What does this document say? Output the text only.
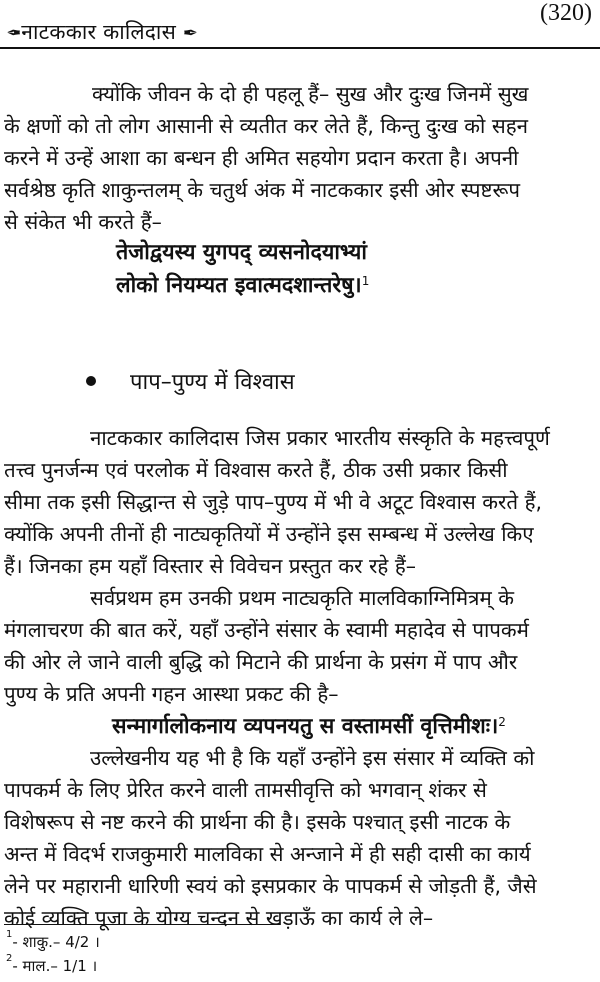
✒नाटककार कालिदास ✒
(320)

क्योंकि जीवन के दो ही पहलू हैं– सुख और दुःख जिनमें सुख

के क्षणों को तो लोग आसानी से व्यतीत कर लेते हैं, किन्तु दुःख को सहन

करने में उन्हें आशा का बन्धन ही अमित सहयोग प्रदान करता है। अपनी

सर्वश्रेष्ठ कृति शाकुन्तलम् के चतुर्थ अंक में नाटककार इसी ओर स्पष्टरूप

से संकेत भी करते हैं–

तेजोद्वयस्य युगपद् व्यसनोदयाभ्यां
लोको नियम्यत इवात्मदशान्तरेषु।$^1$
पाप–पुण्य में विश्वास

नाटककार कालिदास जिस प्रकार भारतीय संस्कृति के महत्त्वपूर्ण

तत्त्व पुनर्जन्म एवं परलोक में विश्वास करते हैं, ठीक उसी प्रकार किसी

सीमा तक इसी सिद्धान्त से जुड़े पाप–पुण्य में भी वे अटूट विश्वास करते हैं,

क्योंकि अपनी तीनों ही नाट्यकृतियों में उन्होंने इस सम्बन्ध में उल्लेख किए

हैं। जिनका हम यहाँ विस्तार से विवेचन प्रस्तुत कर रहे हैं–

सर्वप्रथम हम उनकी प्रथम नाट्यकृति मालविकाग्निमित्रम् के

मंगलाचरण की बात करें, यहाँ उन्होंने संसार के स्वामी महादेव से पापकर्म

की ओर ले जाने वाली बुद्धि को मिटाने की प्रार्थना के प्रसंग में पाप और

पुण्य के प्रति अपनी गहन आस्था प्रकट की है–

सन्मार्गालोकनाय व्यपनयतु स वस्तामसीं वृत्तिमीशः।$^2$

उल्लेखनीय यह भी है कि यहाँ उन्होंने इस संसार में व्यक्ति को

पापकर्म के लिए प्रेरित करने वाली तामसीवृत्ति को भगवान् शंकर से

विशेषरूप से नष्ट करने की प्रार्थना की है। इसके पश्चात् इसी नाटक के

अन्त में विदर्भ राजकुमारी मालविका से अन्जाने में ही सही दासी का कार्य

लेने पर महारानी धारिणी स्वयं को इसप्रकार के पापकर्म से जोड़ती हैं, जैसे

कोई व्यक्ति पूजा के योग्य चन्दन से खड़ाऊँ का कार्य ले ले–

$^1$- शाकु.– 4/2 ।
$^2$- माल.– 1/1 ।
